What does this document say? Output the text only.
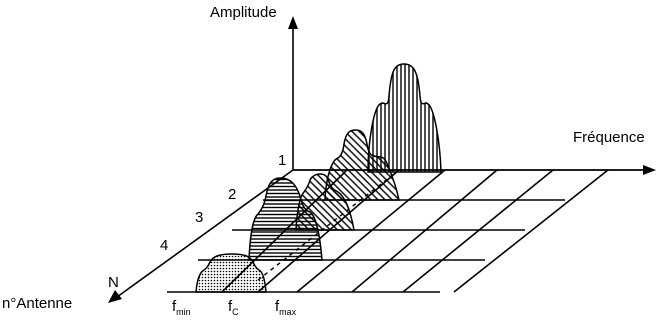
Amplitude
Fréquence
n°Antenne
1
2
3
4
N
$f_{min}$ $f_C$ $f_{max}$
